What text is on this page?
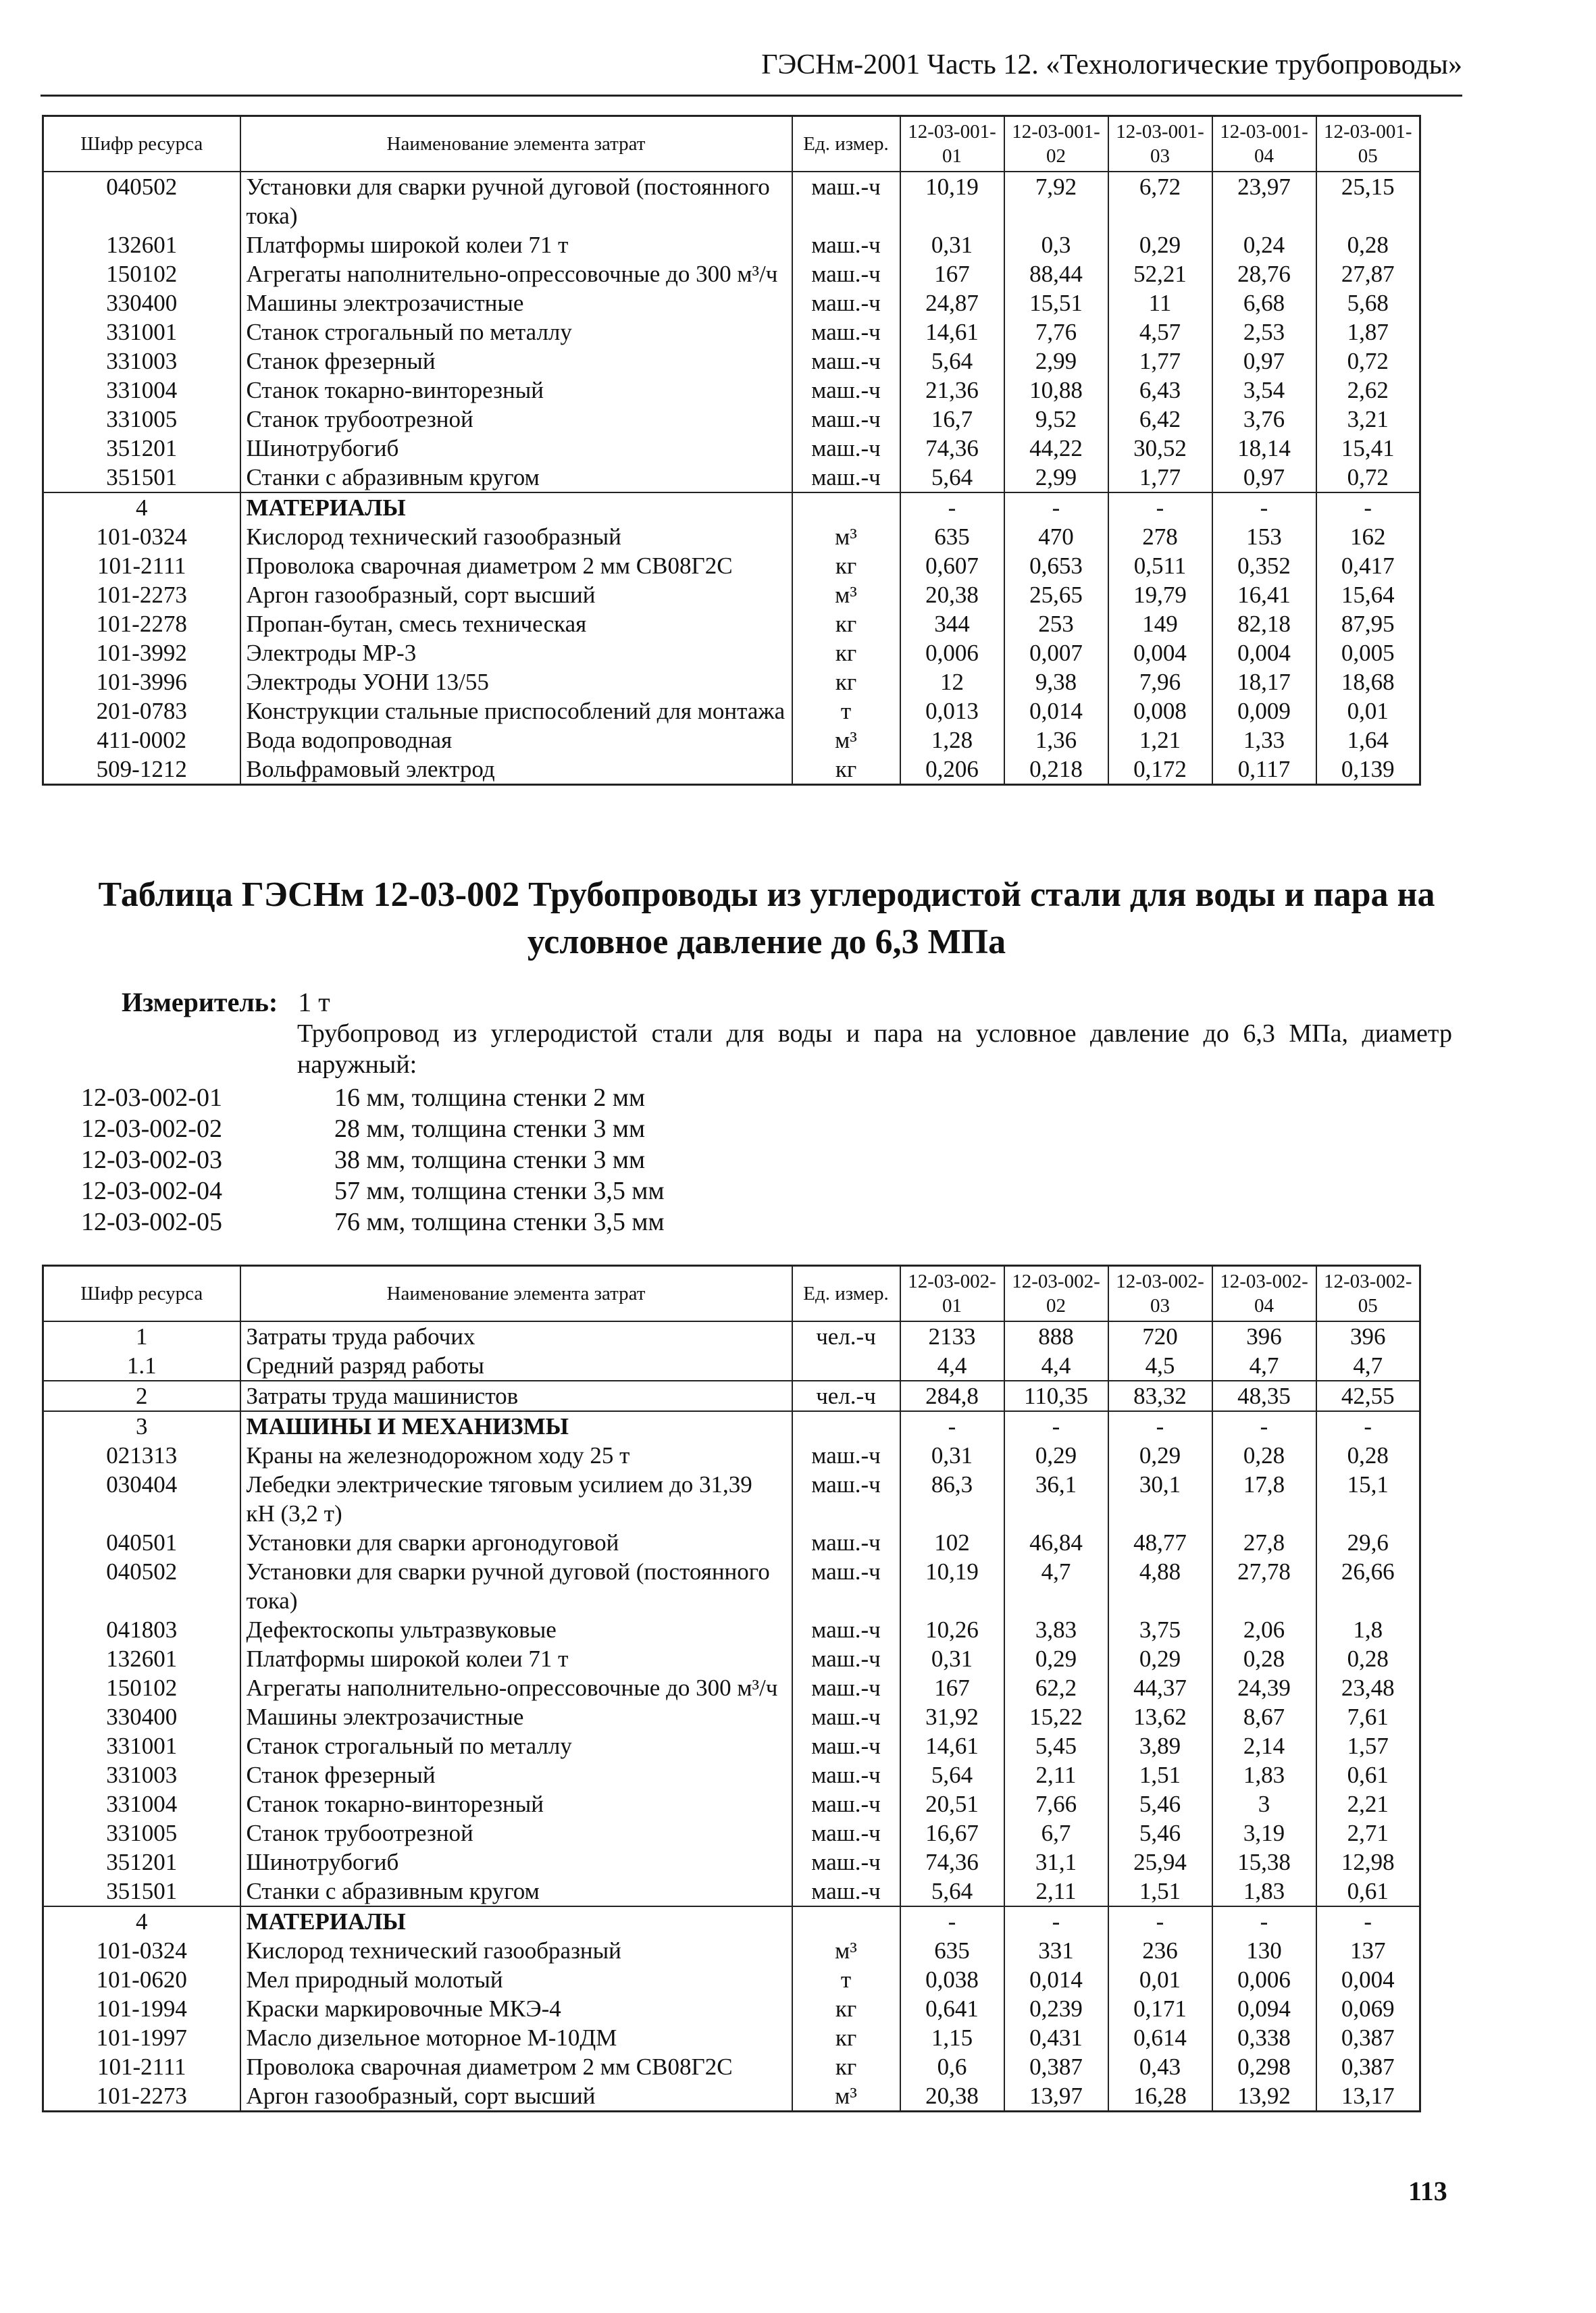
ГЭСНм-2001 Часть 12. «Технологические трубопроводы»
Шифр ресурса	Наименование элемента затрат	Ед. измер.	12-03-001-01	12-03-001-02	12-03-001-03	12-03-001-04	12-03-001-05
040502	Установки для сварки ручной дуговой (постоянного тока)	маш.-ч	10,19	7,92	6,72	23,97	25,15
132601	Платформы широкой колеи 71 т	маш.-ч	0,31	0,3	0,29	0,24	0,28
150102	Агрегаты наполнительно-опрессовочные до 300 м³/ч	маш.-ч	167	88,44	52,21	28,76	27,87
330400	Машины электрозачистные	маш.-ч	24,87	15,51	11	6,68	5,68
331001	Станок строгальный по металлу	маш.-ч	14,61	7,76	4,57	2,53	1,87
331003	Станок фрезерный	маш.-ч	5,64	2,99	1,77	0,97	0,72
331004	Станок токарно-винторезный	маш.-ч	21,36	10,88	6,43	3,54	2,62
331005	Станок трубоотрезной	маш.-ч	16,7	9,52	6,42	3,76	3,21
351201	Шинотрубогиб	маш.-ч	74,36	44,22	30,52	18,14	15,41
351501	Станки с абразивным кругом	маш.-ч	5,64	2,99	1,77	0,97	0,72
4	МАТЕРИАЛЫ		-	-	-	-	-
101-0324	Кислород технический газообразный	м³	635	470	278	153	162
101-2111	Проволока сварочная диаметром 2 мм СВ08Г2С	кг	0,607	0,653	0,511	0,352	0,417
101-2273	Аргон газообразный, сорт высший	м³	20,38	25,65	19,79	16,41	15,64
101-2278	Пропан-бутан, смесь техническая	кг	344	253	149	82,18	87,95
101-3992	Электроды МР-3	кг	0,006	0,007	0,004	0,004	0,005
101-3996	Электроды УОНИ 13/55	кг	12	9,38	7,96	18,17	18,68
201-0783	Конструкции стальные приспособлений для монтажа	т	0,013	0,014	0,008	0,009	0,01
411-0002	Вода водопроводная	м³	1,28	1,36	1,21	1,33	1,64
509-1212	Вольфрамовый электрод	кг	0,206	0,218	0,172	0,117	0,139
Таблица ГЭСНм 12-03-002 Трубопроводы из углеродистой стали для воды и пара на условное давление до 6,3 МПа
Измеритель: 1 т
Трубопровод из углеродистой стали для воды и пара на условное давление до 6,3 МПа, диаметр наружный:
12-03-002-01	16 мм, толщина стенки 2 мм
12-03-002-02	28 мм, толщина стенки 3 мм
12-03-002-03	38 мм, толщина стенки 3 мм
12-03-002-04	57 мм, толщина стенки 3,5 мм
12-03-002-05	76 мм, толщина стенки 3,5 мм
Шифр ресурса	Наименование элемента затрат	Ед. измер.	12-03-002-01	12-03-002-02	12-03-002-03	12-03-002-04	12-03-002-05
1	Затраты труда рабочих	чел.-ч	2133	888	720	396	396
1.1	Средний разряд работы		4,4	4,4	4,5	4,7	4,7
2	Затраты труда машинистов	чел.-ч	284,8	110,35	83,32	48,35	42,55
3	МАШИНЫ И МЕХАНИЗМЫ		-	-	-	-	-
021313	Краны на железнодорожном ходу 25 т	маш.-ч	0,31	0,29	0,29	0,28	0,28
030404	Лебедки электрические тяговым усилием до 31,39 кН (3,2 т)	маш.-ч	86,3	36,1	30,1	17,8	15,1
040501	Установки для сварки аргонодуговой	маш.-ч	102	46,84	48,77	27,8	29,6
040502	Установки для сварки ручной дуговой (постоянного тока)	маш.-ч	10,19	4,7	4,88	27,78	26,66
041803	Дефектоскопы ультразвуковые	маш.-ч	10,26	3,83	3,75	2,06	1,8
132601	Платформы широкой колеи 71 т	маш.-ч	0,31	0,29	0,29	0,28	0,28
150102	Агрегаты наполнительно-опрессовочные до 300 м³/ч	маш.-ч	167	62,2	44,37	24,39	23,48
330400	Машины электрозачистные	маш.-ч	31,92	15,22	13,62	8,67	7,61
331001	Станок строгальный по металлу	маш.-ч	14,61	5,45	3,89	2,14	1,57
331003	Станок фрезерный	маш.-ч	5,64	2,11	1,51	1,83	0,61
331004	Станок токарно-винторезный	маш.-ч	20,51	7,66	5,46	3	2,21
331005	Станок трубоотрезной	маш.-ч	16,67	6,7	5,46	3,19	2,71
351201	Шинотрубогиб	маш.-ч	74,36	31,1	25,94	15,38	12,98
351501	Станки с абразивным кругом	маш.-ч	5,64	2,11	1,51	1,83	0,61
4	МАТЕРИАЛЫ		-	-	-	-	-
101-0324	Кислород технический газообразный	м³	635	331	236	130	137
101-0620	Мел природный молотый	т	0,038	0,014	0,01	0,006	0,004
101-1994	Краски маркировочные МКЭ-4	кг	0,641	0,239	0,171	0,094	0,069
101-1997	Масло дизельное моторное М-10ДМ	кг	1,15	0,431	0,614	0,338	0,387
101-2111	Проволока сварочная диаметром 2 мм СВ08Г2С	кг	0,6	0,387	0,43	0,298	0,387
101-2273	Аргон газообразный, сорт высший	м³	20,38	13,97	16,28	13,92	13,17
113
